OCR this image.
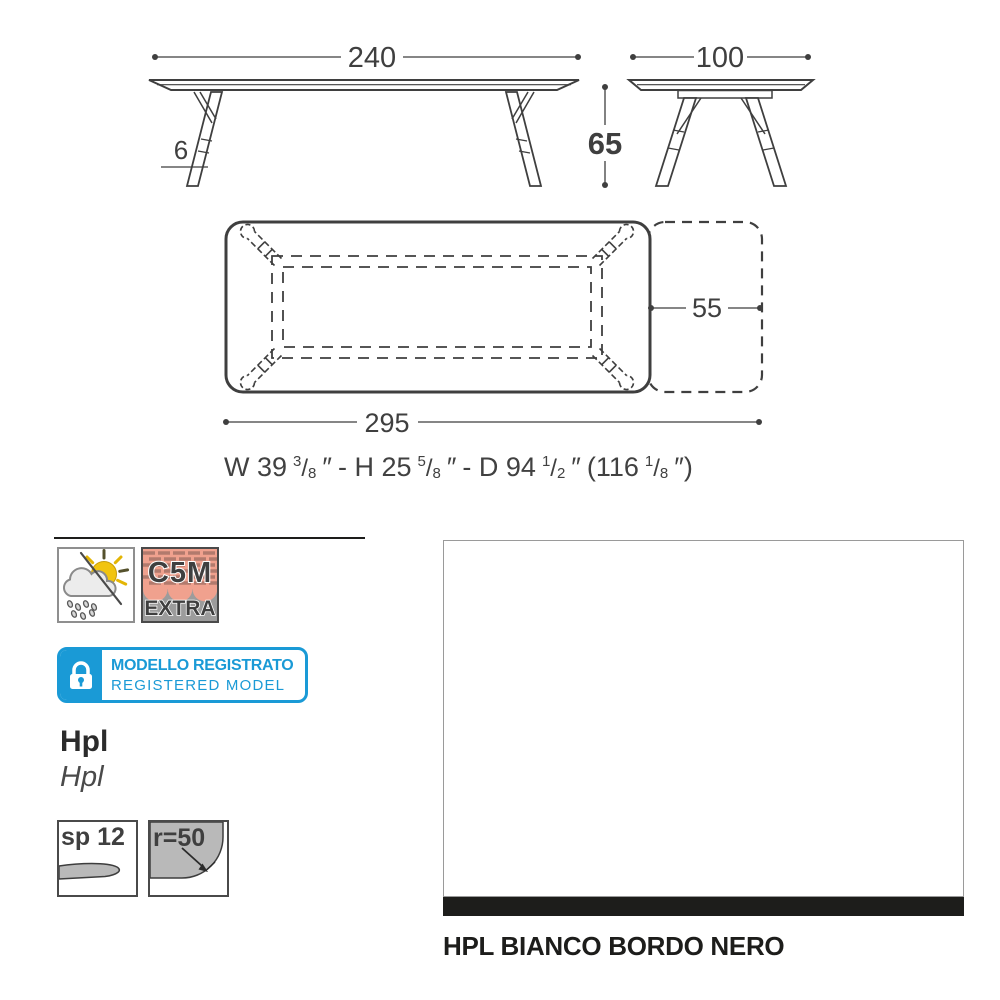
240
6	65
100
55
295
W 39 3 / 8 ″ - H 25 5 / 8 ″ - D 94 1 / 2 ″ (116 1 / 8 ″)
C5M
EXTRA
MODELLO REGISTRATO
REGISTERED MODEL
Hpl
Hpl
sp 12 r=50
HPL BIANCO BORDO NERO
